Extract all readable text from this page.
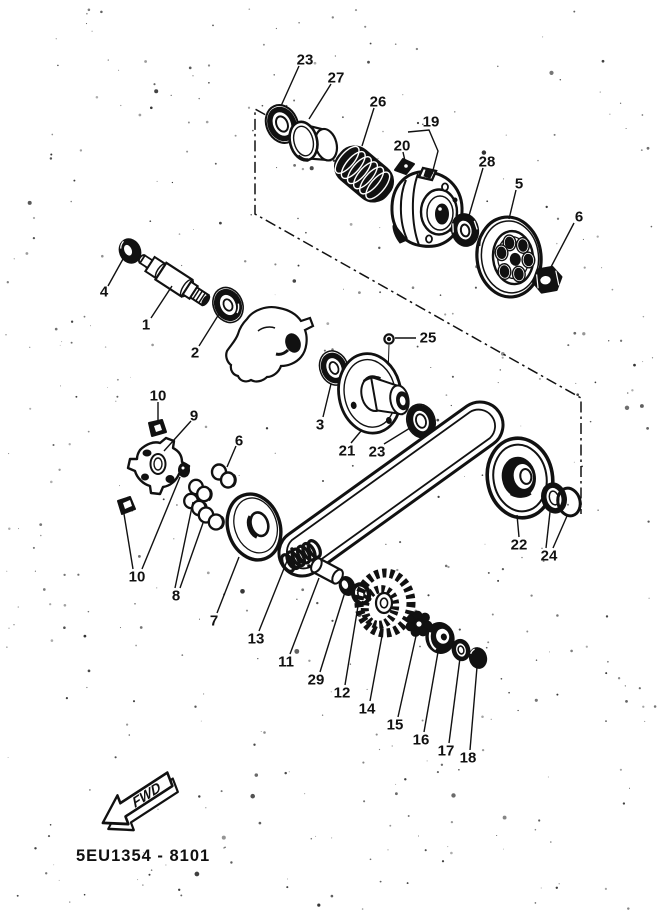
23
27
26
19
20
28
5
6
4
1
2
25
3
21 23
10
9
6
10
8
7
13
11
29
12
14
15
16
17 18
22
24
FWD
5EU1354 - 8101
